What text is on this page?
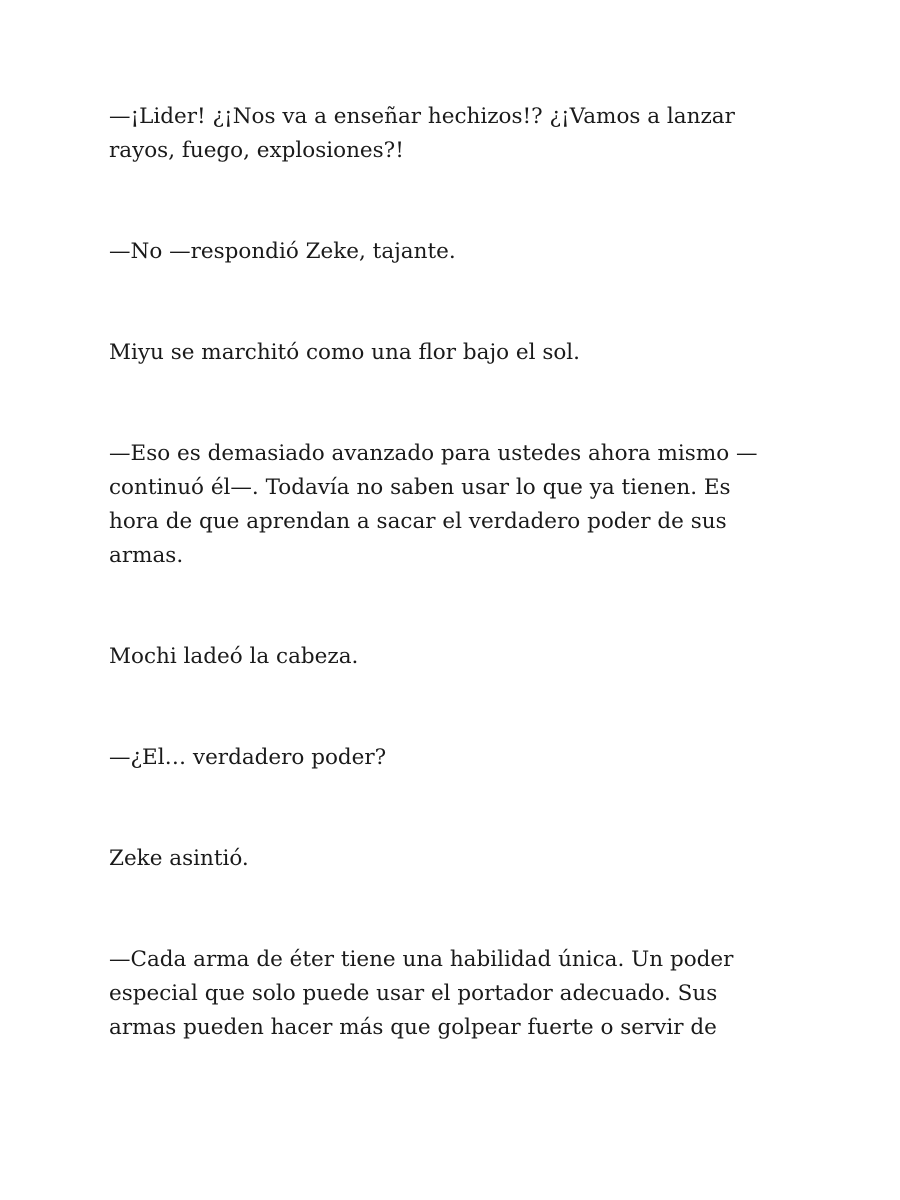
—¡Lider! ¿¡Nos va a enseñar hechizos!? ¿¡Vamos a lanzar rayos, fuego, explosiones?!

—No —respondió Zeke, tajante.

Miyu se marchitó como una flor bajo el sol.

—Eso es demasiado avanzado para ustedes ahora mismo —continuó él—. Todavía no saben usar lo que ya tienen. Es hora de que aprendan a sacar el verdadero poder de sus armas.

Mochi ladeó la cabeza.

—¿El… verdadero poder?

Zeke asintió.

—Cada arma de éter tiene una habilidad única. Un poder especial que solo puede usar el portador adecuado. Sus armas pueden hacer más que golpear fuerte o servir de
